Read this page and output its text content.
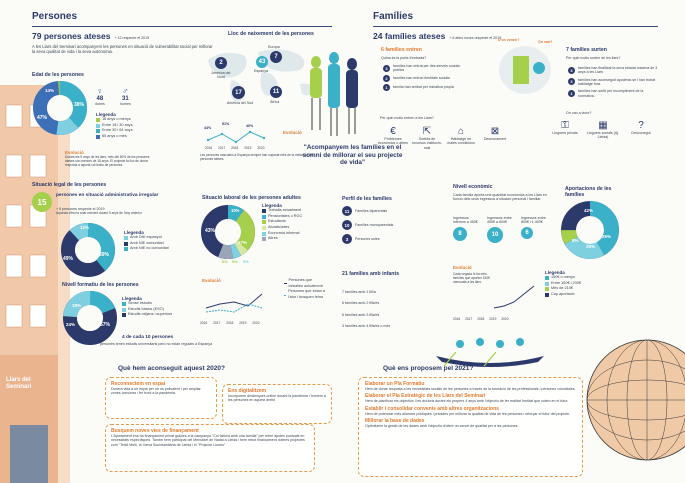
Llars del Seminari
Persones	Famílies
79 persones ateses + 12 respecte el 2019
A les Llars del Seminari acompanyem les persones en situació de vulnerabilitat social per millorar la seva qualitat de vida i la seva autonomia.
Edat de les persones
1%
14%
38%
47%
♀
48
dones
♂
31
homes
Llegenda
18 anys o menys
Entre 18 i 30 anys
Entre 30 i 64 anys
65 anys o més
Evolució
Durant els 5 anys de les llars, més del 50% de les persones ateses són menors de 18 anys. El projecte fa lloc de donar resposta a aquest col·lectiu de persones.
Lloc de naixement de les persones
2
Amèrica del Nord
Europa
7
43
Espanya
17
Amèrica del Sud
11
Àfrica
44%
51%	40%
2016 2017 2018 2019 2020
Evolució
Les persones nascudes a Espanya sempre han suposat més de la meitat de les persones ateses.
"Acompanyem les famílies en el somni de millorar el seu projecte de vida"
Situació legal de les persones
15
persones en situació administrativa irregular
+ 8 persones respecte el 2019
Aquesta xifra ha anat creixent durant 5 anys de l'any anterior
12%
49%
39%
Llegenda
Amb DNI espanyol
Amb NIE comunitari
Amb NIE no comunitari
Nivell formatiu de les persones
19%
24%	57%
Llegenda
Sense estudis
Estudis bàsics (ESO)
Estudis mitjans i superiors
4 de cada 10 persones
persones tenen estudis universitaris però no estan regulats a Espanya
Situació laboral de les persones adultes
43%
10%
27%
5% 5% 9%
Llegenda
Treballa actualment
Pensionistes o RGC
Estudiants
Aturats/ades
Economia informal
Altres
Evolució
2016 2017 2018 2019 2020
Persones que treballen actualment
Persones que estan a l'atur i busquen feina
24 famílies ateses + 6 altes noves respecte el 2019
6 famílies entren
Quina és la porta d'entrada?
3	famílies han entrat per des serveis socials públics
2	famílies han entrat d'entitats socials
1	família han arribat per iniciativa pròpia
D'on venen?	On van?
Per quin motiu entren a les Llars?
€
Problemes econòmics o altres
⇱
Sortida de recursos institucio-nals
⌂
Habitatge en males condicions
⊠
Desnonament
7 famílies surten
Per quin motiu surten de les llars?
3	famílies han finalitzat la seva estada màxima de 3 anys a les Llars
3	famílies han aconseguit apoderar-se i han trobat habitatge fora.
1	famílies han sortit per incompliment de la normativa.
On van a viure?
⚿
Lloguers privats
▦
Lloguers socials (Aj. Lleida)
?
Desconegut
Perfil de les famílies
11	Famílies biparentals
10	Famílies monoparentals
3	Persones soles
21 famílies amb infants
7 famílies amb 1 fill/a
6 famílies amb 2 fills/es
6 famílies amb 3 fills/es
3 famílies amb 4 fills/es o més
Nivell econòmic
Cada família aporta una quantitat econòmica a les Llars en funció dels seus ingressos a situació personal i familiar.
Ingressos inferiors a 450€
8
Ingressos entre 450€ a 800€
10
Ingressos entre 800€ i 1.400€
6
Evolució
Cada vegada hi ha més famílies que aporten 150€ mensuals a les llars.
2016 2017 2018 2019 2020
Aportacions de les famílies
42%
25%
8%
25%
Llegenda
150€ o menys
Entre 150€ i 200€
Més de 210€
Cap aportació
Què hem aconseguit aquest 2020?
Reconnectem en espai
Donem vida a un espai per un ús polivalent i per ampliar zones comunes i fer front a la pandèmia.	Ens digitalitzem
Incorporem dinàmiques online durant la pandèmia i formem a les persones en aquest àmbit
Busquem noves vies de finançament
L'Ajuntament ens ha finançament privat gràcies a la campanya "Col·labora amb una família" per rebre ajudes puntuals en necessitats específiques. També hem participat del Mercadet de Nadal a Lleida i hem rebut finançament d'altres projectes com "Teixit Mutli, la Xarxa Sociosanitària de Lleida i el "Projecte Llunes"
Què ens proposem pel 2021?
Elaborar un Pla Formatiu
Hem de donar resposta a les necessitats socials de les persones a través de la formació de les professionals i persones voluntàries.
Elaborar el Pla Estratègic de les Llars del Seminari
Hem de planificar els objectius i les accions durant els propers 4 anys amb l'objectiu de fer realitat l'entitat que volem en el futur.
Establir i consolidar convenis amb altres organitzacions
Hem de potenciar més aliances públiques i privades per millorar la qualitat de vida de les persones i reforçar el futur del projecte.
Millorar la base de dades
Optimitzem la gestió de les dades amb l'objectiu d'oferir un servei de qualitat per a les persones.
